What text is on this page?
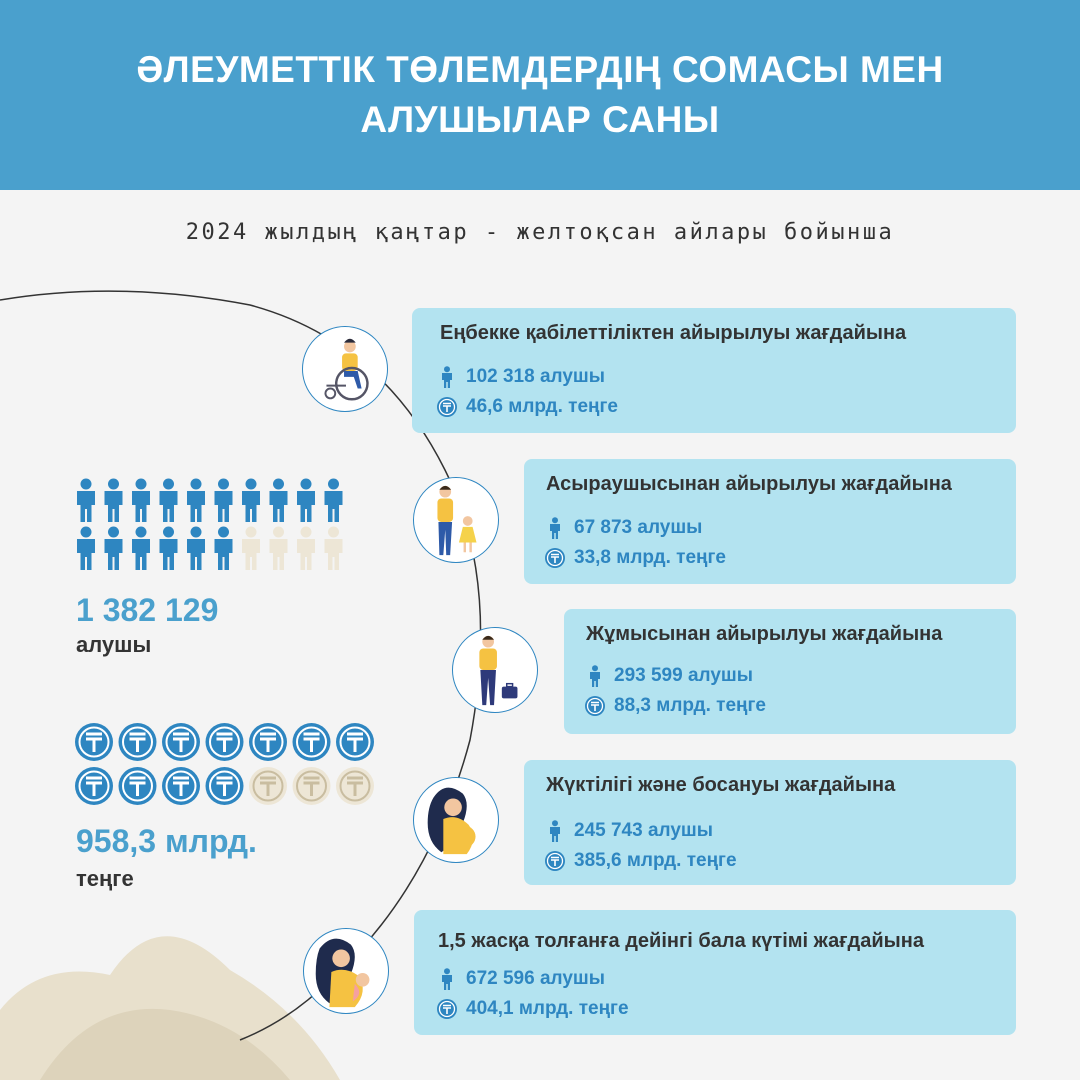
ӘЛЕУМЕТТІК ТӨЛЕМДЕРДІҢ СОМАСЫ МЕН АЛУШЫЛАР САНЫ
2024 жылдың қаңтар - желтоқсан айлары бойынша
1 382 129
алушы
958,3 млрд.
теңге
Еңбекке қабілеттіліктен айырылуы жағдайына
102 318 алушы
46,6 млрд. теңге
Асыраушысынан айырылуы жағдайына
67 873 алушы
33,8 млрд. теңге
Жұмысынан айырылуы жағдайына
293 599 алушы
88,3 млрд. теңге
Жүктілігі және босануы жағдайына
245 743 алушы
385,6 млрд. теңге
1,5 жасқа толғанға дейінгі бала күтімі жағдайына
672 596 алушы
404,1 млрд. теңге
